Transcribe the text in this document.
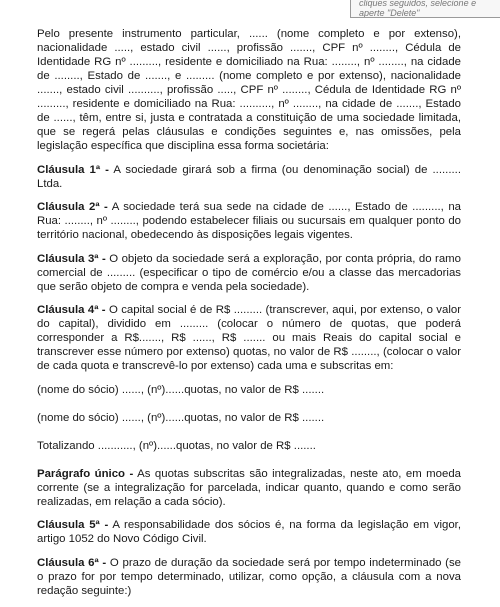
cliques seguidos, selecione e
aperte "Delete"

Pelo presente instrumento particular, ...... (nome completo e por extenso), nacionalidade ....., estado civil ......, profissão ......., CPF nº ........, Cédula de Identidade RG nº ........., residente e domiciliado na Rua: ........, nº ........, na cidade de ........, Estado de ......., e ......... (nome completo e por extenso), nacionalidade ......., estado civil .........., profissão ....., CPF nº ........, Cédula de Identidade RG nº ........., residente e domiciliado na Rua: .........., nº ........, na cidade de ......., Estado de ......, têm, entre si, justa e contratada a constituição de uma sociedade limitada, que se regerá pelas cláusulas e condições seguintes e, nas omissões, pela legislação específica que disciplina essa forma societária:

Cláusula 1ª - A sociedade girará sob a firma (ou denominação social) de ......... Ltda.

Cláusula 2ª - A sociedade terá sua sede na cidade de ......, Estado de ........., na Rua: ........, nº ........, podendo estabelecer filiais ou sucursais em qualquer ponto do território nacional, obedecendo às disposições legais vigentes.

Cláusula 3ª - O objeto da sociedade será a exploração, por conta própria, do ramo comercial de ......... (especificar o tipo de comércio e/ou a classe das mercadorias que serão objeto de compra e venda pela sociedade).

Cláusula 4ª - O capital social é de R$ ......... (transcrever, aqui, por extenso, o valor do capital), dividido em ......... (colocar o número de quotas, que poderá corresponder a R$......., R$ ......, R$ ....... ou mais Reais do capital social e transcrever esse número por extenso) quotas, no valor de R$ ........, (colocar o valor de cada quota e transcrevê-lo por extenso) cada uma e subscritas em:

(nome do sócio) ......, (nº)......quotas, no valor de R$ .......

(nome do sócio) ......, (nº)......quotas, no valor de R$ .......

Totalizando ..........., (nº)......quotas, no valor de R$ .......

Parágrafo único - As quotas subscritas são integralizadas, neste ato, em moeda corrente (se a integralização for parcelada, indicar quanto, quando e como serão realizadas, em relação a cada sócio).

Cláusula 5ª - A responsabilidade dos sócios é, na forma da legislação em vigor, artigo 1052 do Novo Código Civil.

Cláusula 6ª - O prazo de duração da sociedade será por tempo indeterminado (se o prazo for por tempo determinado, utilizar, como opção, a cláusula com a nova redação seguinte:)
